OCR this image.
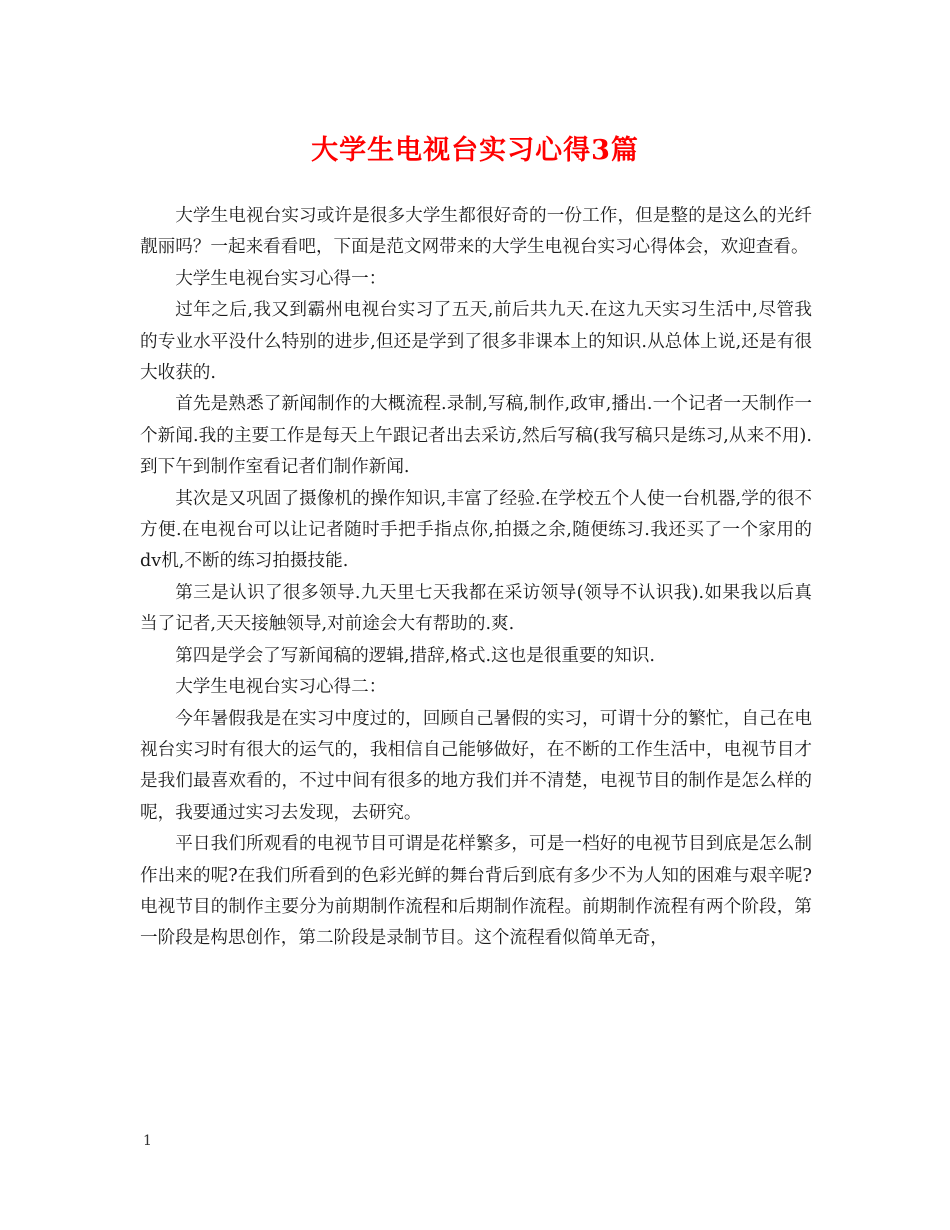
大学生电视台实习心得3篇

大学生电视台实习或许是很多大学生都很好奇的一份工作，但是整的是这么的光纤靓丽吗？一起来看看吧，下面是范文网带来的大学生电视台实习心得体会，欢迎查看。

大学生电视台实习心得一：

过年之后,我又到霸州电视台实习了五天,前后共九天.在这九天实习生活中,尽管我的专业水平没什么特别的进步,但还是学到了很多非课本上的知识.从总体上说,还是有很大收获的.

首先是熟悉了新闻制作的大概流程.录制,写稿,制作,政审,播出.一个记者一天制作一个新闻.我的主要工作是每天上午跟记者出去采访,然后写稿(我写稿只是练习,从来不用).到下午到制作室看记者们制作新闻.

其次是又巩固了摄像机的操作知识,丰富了经验.在学校五个人使一台机器,学的很不方便.在电视台可以让记者随时手把手指点你,拍摄之余,随便练习.我还买了一个家用的dv机,不断的练习拍摄技能.

第三是认识了很多领导.九天里七天我都在采访领导(领导不认识我).如果我以后真当了记者,天天接触领导,对前途会大有帮助的.爽.

第四是学会了写新闻稿的逻辑,措辞,格式.这也是很重要的知识.

大学生电视台实习心得二：

今年暑假我是在实习中度过的，回顾自己暑假的实习，可谓十分的繁忙，自己在电视台实习时有很大的运气的，我相信自己能够做好，在不断的工作生活中，电视节目才是我们最喜欢看的，不过中间有很多的地方我们并不清楚，电视节目的制作是怎么样的呢，我要通过实习去发现，去研究。

平日我们所观看的电视节目可谓是花样繁多，可是一档好的电视节目到底是怎么制作出来的呢?在我们所看到的色彩光鲜的舞台背后到底有多少不为人知的困难与艰辛呢?电视节目的制作主要分为前期制作流程和后期制作流程。前期制作流程有两个阶段，第一阶段是构思创作，第二阶段是录制节目。这个流程看似简单无奇，

1
